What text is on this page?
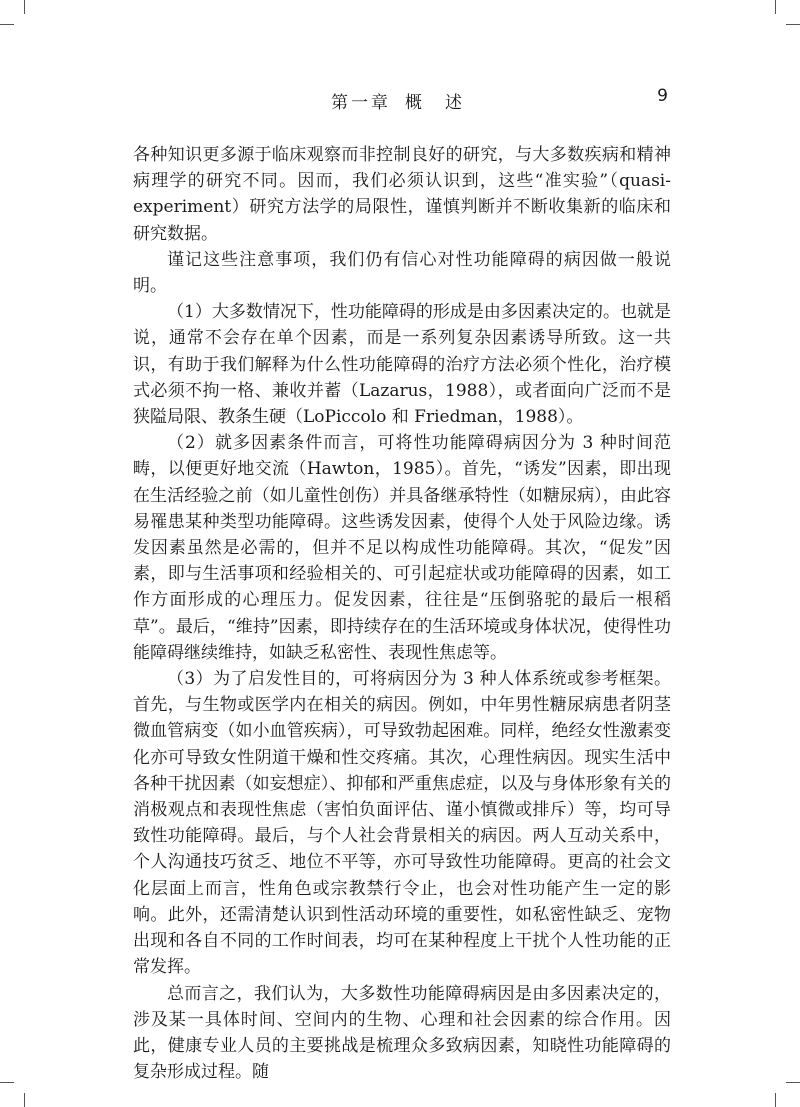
第一章 概　述	9

各种知识更多源于临床观察而非控制良好的研究，与大多数疾病和精神病理学的研究不同。因而，我们必须认识到，这些“准实验”（quasi-experiment）研究方法学的局限性，谨慎判断并不断收集新的临床和研究数据。

谨记这些注意事项，我们仍有信心对性功能障碍的病因做一般说明。

（1）大多数情况下，性功能障碍的形成是由多因素决定的。也就是说，通常不会存在单个因素，而是一系列复杂因素诱导所致。这一共识，有助于我们解释为什么性功能障碍的治疗方法必须个性化，治疗模式必须不拘一格、兼收并蓄（Lazarus，1988），或者面向广泛而不是狭隘局限、教条生硬（LoPiccolo 和 Friedman，1988）。

（2）就多因素条件而言，可将性功能障碍病因分为 3 种时间范畴，以便更好地交流（Hawton，1985）。首先，“诱发”因素，即出现在生活经验之前（如儿童性创伤）并具备继承特性（如糖尿病），由此容易罹患某种类型功能障碍。这些诱发因素，使得个人处于风险边缘。诱发因素虽然是必需的，但并不足以构成性功能障碍。其次，“促发”因素，即与生活事项和经验相关的、可引起症状或功能障碍的因素，如工作方面形成的心理压力。促发因素，往往是“压倒骆驼的最后一根稻草”。最后，“维持”因素，即持续存在的生活环境或身体状况，使得性功能障碍继续维持，如缺乏私密性、表现性焦虑等。

（3）为了启发性目的，可将病因分为 3 种人体系统或参考框架。首先，与生物或医学内在相关的病因。例如，中年男性糖尿病患者阴茎微血管病变（如小血管疾病），可导致勃起困难。同样，绝经女性激素变化亦可导致女性阴道干燥和性交疼痛。其次，心理性病因。现实生活中各种干扰因素（如妄想症）、抑郁和严重焦虑症，以及与身体形象有关的消极观点和表现性焦虑（害怕负面评估、谨小慎微或排斥）等，均可导致性功能障碍。最后，与个人社会背景相关的病因。两人互动关系中，个人沟通技巧贫乏、地位不平等，亦可导致性功能障碍。更高的社会文化层面上而言，性角色或宗教禁行令止，也会对性功能产生一定的影响。此外，还需清楚认识到性活动环境的重要性，如私密性缺乏、宠物出现和各自不同的工作时间表，均可在某种程度上干扰个人性功能的正常发挥。

总而言之，我们认为，大多数性功能障碍病因是由多因素决定的，涉及某一具体时间、空间内的生物、心理和社会因素的综合作用。因此，健康专业人员的主要挑战是梳理众多致病因素，知晓性功能障碍的复杂形成过程。随
